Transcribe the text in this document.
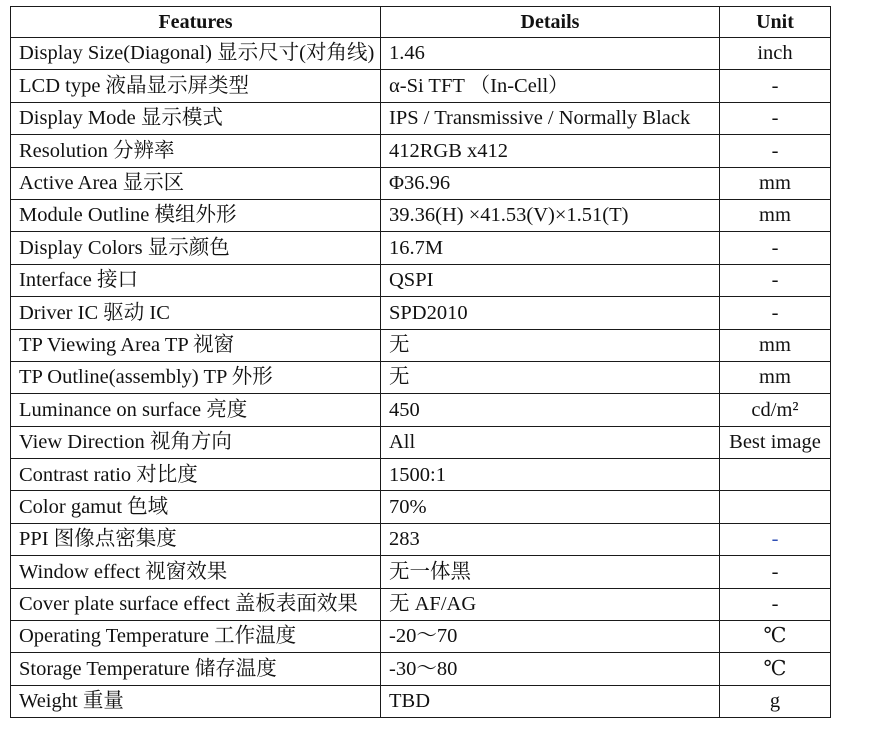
Features	Details	Unit
Display Size(Diagonal) 显示尺寸(对角线)	1.46	inch
LCD type 液晶显示屏类型	α-Si TFT （In-Cell）	-
Display Mode 显示模式	IPS / Transmissive / Normally Black	-
Resolution 分辨率	412RGB x412	-
Active Area 显示区	Φ36.96	mm
Module Outline 模组外形	39.36(H) ×41.53(V)×1.51(T)	mm
Display Colors 显示颜色	16.7M	-
Interface 接口	QSPI	-
Driver IC 驱动 IC	SPD2010	-
TP Viewing Area TP 视窗	无	mm
TP Outline(assembly) TP 外形	无	mm
Luminance on surface 亮度	450	cd/m²
View Direction 视角方向	All	Best image
Contrast ratio 对比度	1500:1	
Color gamut 色域	70%	
PPI 图像点密集度	283	-
Window effect 视窗效果	无一体黑	-
Cover plate surface effect 盖板表面效果	无 AF/AG	-
Operating Temperature 工作温度	-20～70	℃
Storage Temperature 储存温度	-30～80	℃
Weight 重量	TBD	g
